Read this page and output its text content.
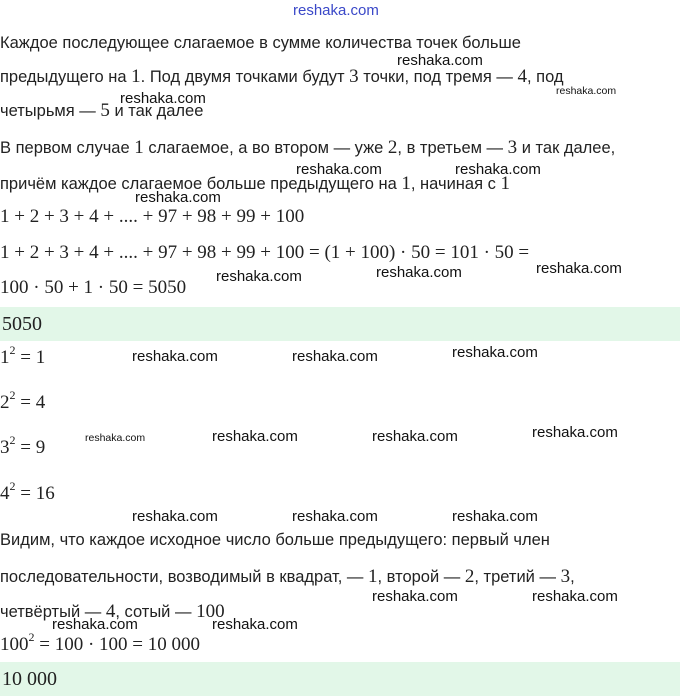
reshaka.com
Каждое последующее слагаемое в сумме количества точек больше
предыдущего на 1. Под двумя точками будут 3 точки, под тремя — 4, под
четырьмя — 5 и так далее
В первом случае 1 слагаемое, а во втором — уже 2, в третьем — 3 и так далее,
причём каждое слагаемое больше предыдущего на 1, начиная с 1
1 + 2 + 3 + 4 + .... + 97 + 98 + 99 + 100
1 + 2 + 3 + 4 + .... + 97 + 98 + 99 + 100 = (1 + 100) · 50 = 101 · 50 =
100 · 50 + 1 · 50 = 5050
5050
$1^2 = 1$
$2^2 = 4$
$3^2 = 9$
$4^2 = 16$
Видим, что каждое исходное число больше предыдущего: первый член
последовательности, возводимый в квадрат, — 1, второй — 2, третий — 3,
четвёртый — 4, сотый — 100
$100^2 = 100 \cdot 100 = 10$ 000
10 000
reshaka.com
reshaka.com
reshaka.com
reshaka.com	reshaka.com
reshaka.com
reshaka.com
reshaka.com
reshaka.com
reshaka.com
reshaka.com	reshaka.com
reshaka.com
reshaka.com	reshaka.com
reshaka.com
reshaka.com	reshaka.com	reshaka.com
reshaka.com	reshaka.com
reshaka.com	reshaka.com
